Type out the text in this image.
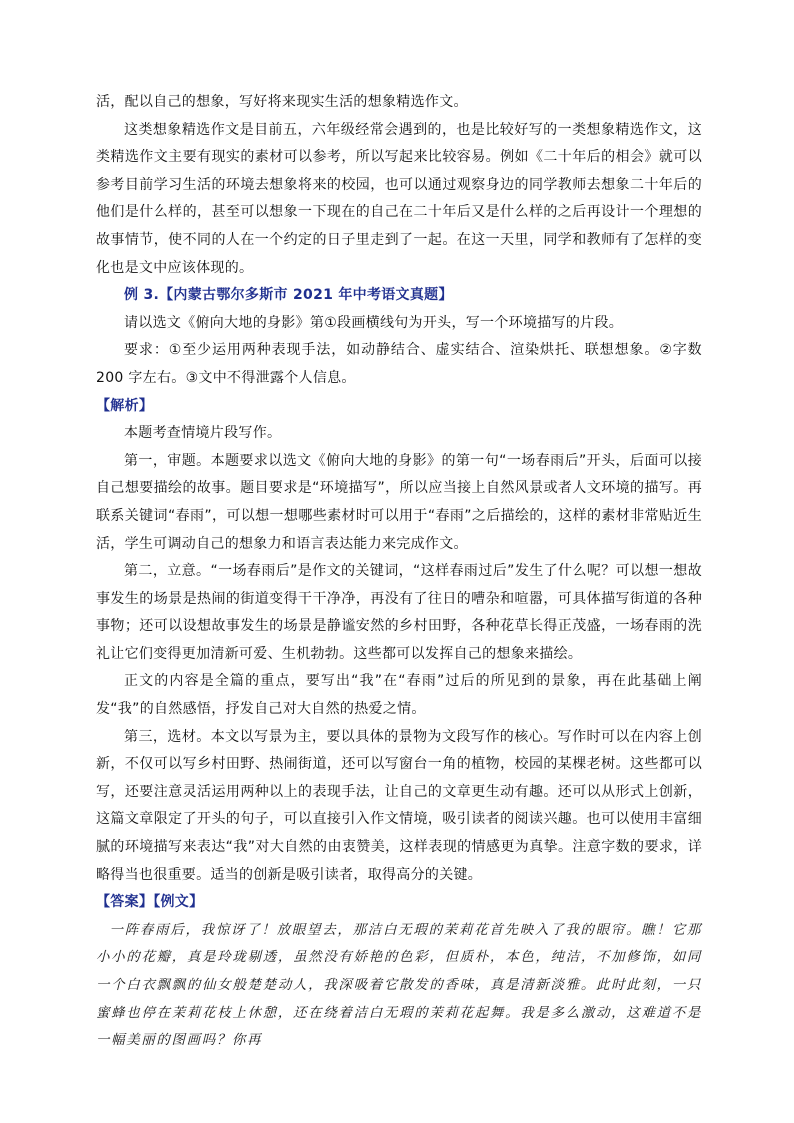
活，配以自己的想象，写好将来现实生活的想象精选作文。

这类想象精选作文是目前五，六年级经常会遇到的，也是比较好写的一类想象精选作文，这类精选作文主要有现实的素材可以参考，所以写起来比较容易。例如《二十年后的相会》就可以参考目前学习生活的环境去想象将来的校园，也可以通过观察身边的同学教师去想象二十年后的他们是什么样的，甚至可以想象一下现在的自己在二十年后又是什么样的之后再设计一个理想的故事情节，使不同的人在一个约定的日子里走到了一起。在这一天里，同学和教师有了怎样的变化也是文中应该体现的。

例 3.【内蒙古鄂尔多斯市 2021 年中考语文真题】

请以选文《俯向大地的身影》第①段画横线句为开头，写一个环境描写的片段。

要求：①至少运用两种表现手法，如动静结合、虚实结合、渲染烘托、联想想象。②字数 200 字左右。③文中不得泄露个人信息。

【解析】

本题考查情境片段写作。

第一，审题。本题要求以选文《俯向大地的身影》的第一句“一场春雨后”开头，后面可以接自己想要描绘的故事。题目要求是“环境描写”，所以应当接上自然风景或者人文环境的描写。再联系关键词“春雨”，可以想一想哪些素材时可以用于“春雨”之后描绘的，这样的素材非常贴近生活，学生可调动自己的想象力和语言表达能力来完成作文。

第二，立意。“一场春雨后”是作文的关键词，“这样春雨过后”发生了什么呢？可以想一想故事发生的场景是热闹的街道变得干干净净，再没有了往日的嘈杂和喧嚣，可具体描写街道的各种事物；还可以设想故事发生的场景是静谧安然的乡村田野，各种花草长得正茂盛，一场春雨的洗礼让它们变得更加清新可爱、生机勃勃。这些都可以发挥自己的想象来描绘。

正文的内容是全篇的重点，要写出“我”在“春雨”过后的所见到的景象，再在此基础上阐发“我”的自然感悟，抒发自己对大自然的热爱之情。

第三，选材。本文以写景为主，要以具体的景物为文段写作的核心。写作时可以在内容上创新，不仅可以写乡村田野、热闹街道，还可以写窗台一角的植物，校园的某棵老树。这些都可以写，还要注意灵活运用两种以上的表现手法，让自己的文章更生动有趣。还可以从形式上创新，这篇文章限定了开头的句子，可以直接引入作文情境，吸引读者的阅读兴趣。也可以使用丰富细腻的环境描写来表达“我”对大自然的由衷赞美，这样表现的情感更为真挚。注意字数的要求，详略得当也很重要。适当的创新是吸引读者，取得高分的关键。

【答案】【例文】

一阵春雨后，我惊讶了！放眼望去，那洁白无瑕的茉莉花首先映入了我的眼帘。瞧！它那小小的花瓣，真是玲珑剔透，虽然没有娇艳的色彩，但质朴，本色，纯洁，不加修饰，如同一个白衣飘飘的仙女般楚楚动人，我深吸着它散发的香味，真是清新淡雅。此时此刻，一只蜜蜂也停在茉莉花枝上休憩，还在绕着洁白无瑕的茉莉花起舞。我是多么激动，这难道不是一幅美丽的图画吗？你再
